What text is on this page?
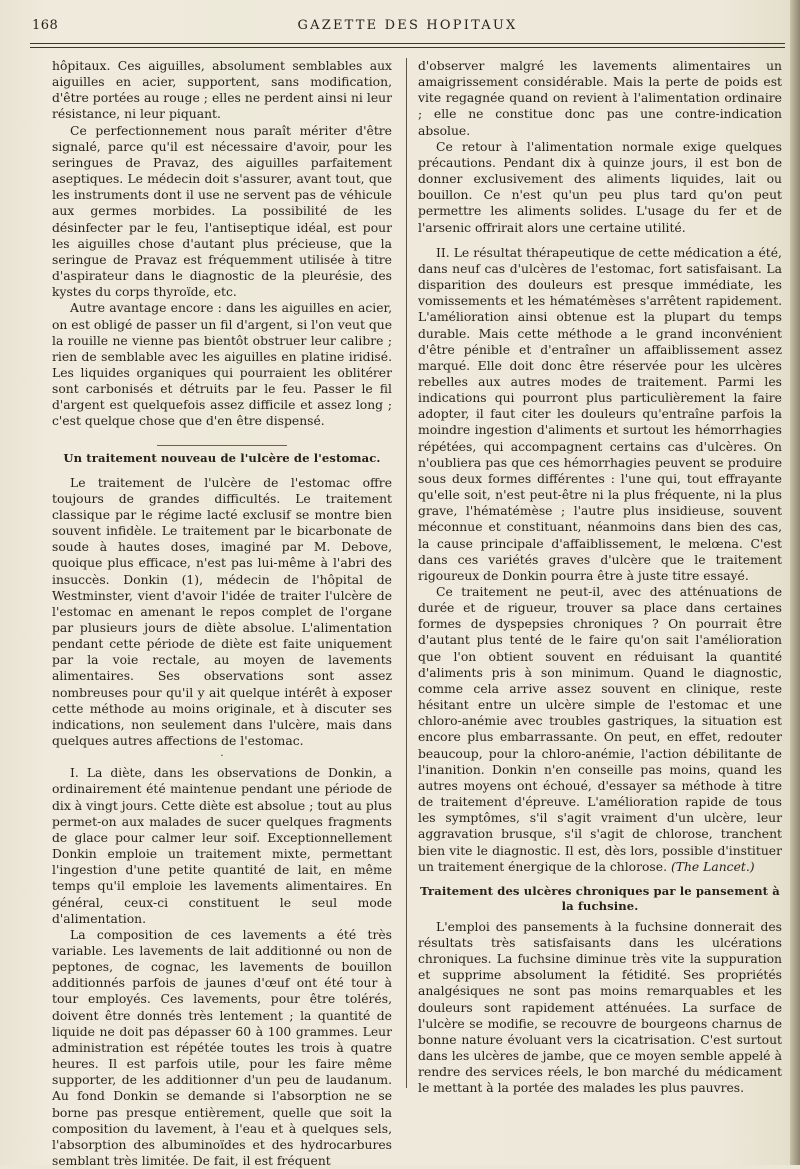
168	GAZETTE DES HOPITAUX

hôpitaux. Ces aiguilles, absolument semblables aux aiguilles en acier, supportent, sans modification, d'être portées au rouge ; elles ne perdent ainsi ni leur résistance, ni leur piquant.

Ce perfectionnement nous paraît mériter d'être signalé, parce qu'il est nécessaire d'avoir, pour les seringues de Pravaz, des aiguilles parfaitement aseptiques. Le médecin doit s'assurer, avant tout, que les instruments dont il use ne servent pas de véhicule aux germes morbides. La possibilité de les désinfecter par le feu, l'antiseptique idéal, est pour les aiguilles chose d'autant plus précieuse, que la seringue de Pravaz est fréquemment utilisée à titre d'aspirateur dans le diagnostic de la pleurésie, des kystes du corps thyroïde, etc.

Autre avantage encore : dans les aiguilles en acier, on est obligé de passer un fil d'argent, si l'on veut que la rouille ne vienne pas bientôt obstruer leur calibre ; rien de semblable avec les aiguilles en platine iridisé. Les liquides organiques qui pourraient les oblitérer sont carbonisés et détruits par le feu. Passer le fil d'argent est quelquefois assez difficile et assez long ; c'est quelque chose que d'en être dispensé.

Un traitement nouveau de l'ulcère de l'estomac.

Le traitement de l'ulcère de l'estomac offre toujours de grandes difficultés. Le traitement classique par le régime lacté exclusif se montre bien souvent infidèle. Le traitement par le bicarbonate de soude à hautes doses, imaginé par M. Debove, quoique plus efficace, n'est pas lui-même à l'abri des insuccès. Donkin (1), médecin de l'hôpital de Westminster, vient d'avoir l'idée de traiter l'ulcère de l'estomac en amenant le repos complet de l'organe par plusieurs jours de diète absolue. L'alimentation pendant cette période de diète est faite uniquement par la voie rectale, au moyen de lavements alimentaires. Ses observations sont assez nombreuses pour qu'il y ait quelque intérêt à exposer cette méthode au moins originale, et à discuter ses indications, non seulement dans l'ulcère, mais dans quelques autres affections de l'estomac.

·

I. La diète, dans les observations de Donkin, a ordinairement été maintenue pendant une période de dix à vingt jours. Cette diète est absolue ; tout au plus permet-on aux malades de sucer quelques fragments de glace pour calmer leur soif. Exceptionnellement Donkin emploie un traitement mixte, permettant l'ingestion d'une petite quantité de lait, en même temps qu'il emploie les lavements alimentaires. En général, ceux-ci constituent le seul mode d'alimentation.

La composition de ces lavements a été très variable. Les lavements de lait additionné ou non de peptones, de cognac, les lavements de bouillon additionnés parfois de jaunes d'œuf ont été tour à tour employés. Ces lavements, pour être tolérés, doivent être donnés très lentement ; la quantité de liquide ne doit pas dépasser 60 à 100 grammes. Leur administration est répétée toutes les trois à quatre heures. Il est parfois utile, pour les faire même supporter, de les additionner d'un peu de laudanum. Au fond Donkin se demande si l'absorption ne se borne pas presque entièrement, quelle que soit la composition du lavement, à l'eau et à quelques sels, l'absorption des albuminoïdes et des hydrocarbures semblant très limitée. De fait, il est fréquent

d'observer malgré les lavements alimentaires un amaigrissement considérable. Mais la perte de poids est vite regagnée quand on revient à l'alimentation ordinaire ; elle ne constitue donc pas une contre-indication absolue.

Ce retour à l'alimentation normale exige quelques précautions. Pendant dix à quinze jours, il est bon de donner exclusivement des aliments liquides, lait ou bouillon. Ce n'est qu'un peu plus tard qu'on peut permettre les aliments solides. L'usage du fer et de l'arsenic offrirait alors une certaine utilité.

II. Le résultat thérapeutique de cette médication a été, dans neuf cas d'ulcères de l'estomac, fort satisfaisant. La disparition des douleurs est presque immédiate, les vomissements et les hématémèses s'arrêtent rapidement. L'amélioration ainsi obtenue est la plupart du temps durable. Mais cette méthode a le grand inconvénient d'être pénible et d'entraîner un affaiblissement assez marqué. Elle doit donc être réservée pour les ulcères rebelles aux autres modes de traitement. Parmi les indications qui pourront plus particulièrement la faire adopter, il faut citer les douleurs qu'entraîne parfois la moindre ingestion d'aliments et surtout les hémorrhagies répétées, qui accompagnent certains cas d'ulcères. On n'oubliera pas que ces hémorrhagies peuvent se produire sous deux formes différentes : l'une qui, tout effrayante qu'elle soit, n'est peut-être ni la plus fréquente, ni la plus grave, l'hématémèse ; l'autre plus insidieuse, souvent méconnue et constituant, néanmoins dans bien des cas, la cause principale d'affaiblissement, le melœna. C'est dans ces variétés graves d'ulcère que le traitement rigoureux de Donkin pourra être à juste titre essayé.

Ce traitement ne peut-il, avec des atténuations de durée et de rigueur, trouver sa place dans certaines formes de dyspepsies chroniques ? On pourrait être d'autant plus tenté de le faire qu'on sait l'amélioration que l'on obtient souvent en réduisant la quantité d'aliments pris à son minimum. Quand le diagnostic, comme cela arrive assez souvent en clinique, reste hésitant entre un ulcère simple de l'estomac et une chloro-anémie avec troubles gastriques, la situation est encore plus embarrassante. On peut, en effet, redouter beaucoup, pour la chloro-anémie, l'action débilitante de l'inanition. Donkin n'en conseille pas moins, quand les autres moyens ont échoué, d'essayer sa méthode à titre de traitement d'épreuve. L'amélioration rapide de tous les symptômes, s'il s'agit vraiment d'un ulcère, leur aggravation brusque, s'il s'agit de chlorose, tranchent bien vite le diagnostic. Il est, dès lors, possible d'instituer un traitement énergique de la chlorose. (The Lancet.)

Traitement des ulcères chroniques par le pansement à la fuchsine.

L'emploi des pansements à la fuchsine donnerait des résultats très satisfaisants dans les ulcérations chroniques. La fuchsine diminue très vite la suppuration et supprime absolument la fétidité. Ses propriétés analgésiques ne sont pas moins remarquables et les douleurs sont rapidement atténuées. La surface de l'ulcère se modifie, se recouvre de bourgeons charnus de bonne nature évoluant vers la cicatrisation. C'est surtout dans les ulcères de jambe, que ce moyen semble appelé à rendre des services réels, le bon marché du médicament le mettant à la portée des malades les plus pauvres.
